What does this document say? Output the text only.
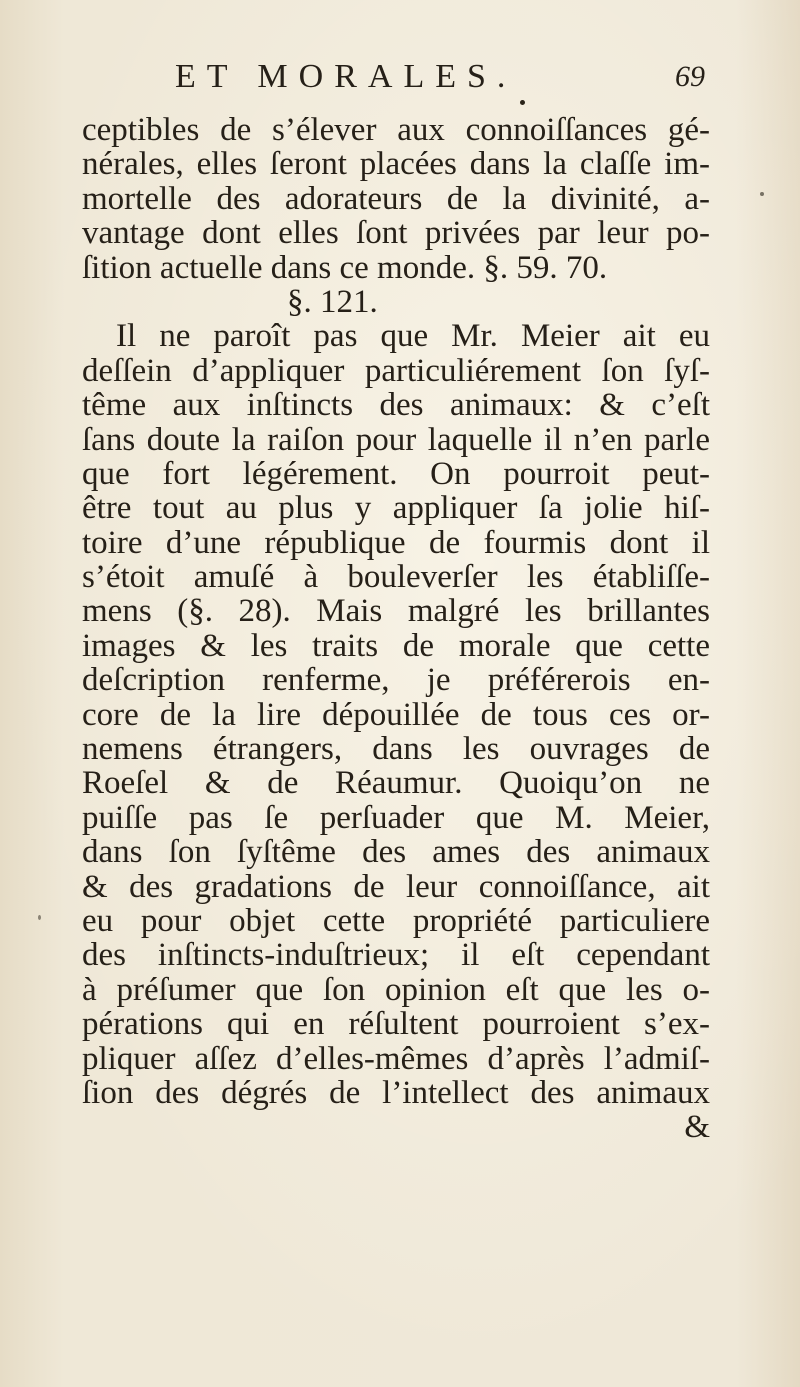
ET MORALES.	69
ceptibles de s’élever aux connoiſſances gé-
nérales, elles ſeront placées dans la claſſe im-
mortelle des adorateurs de la divinité, a-
vantage dont elles ſont privées par leur po-
ſition actuelle dans ce monde. §. 59. 70.
§. 121.
Il ne paroît pas que Mr. Meier ait eu
deſſein d’appliquer particuliérement ſon ſyſ-
tême aux inſtincts des animaux: & c’eſt
ſans doute la raiſon pour laquelle il n’en parle
que fort légérement. On pourroit peut-
être tout au plus y appliquer ſa jolie hiſ-
toire d’une république de fourmis dont il
s’étoit amuſé à bouleverſer les établiſſe-
mens (§. 28). Mais malgré les brillantes
images & les traits de morale que cette
deſcription renferme, je préférerois en-
core de la lire dépouillée de tous ces or-
nemens étrangers, dans les ouvrages de
Roeſel & de Réaumur. Quoiqu’on ne
puiſſe pas ſe perſuader que M. Meier,
dans ſon ſyſtême des ames des animaux
& des gradations de leur connoiſſance, ait
eu pour objet cette propriété particuliere
des inſtincts-induſtrieux; il eſt cependant
à préſumer que ſon opinion eſt que les o-
pérations qui en réſultent pourroient s’ex-
pliquer aſſez d’elles-mêmes d’après l’admiſ-
ſion des dégrés de l’intellect des animaux
&
